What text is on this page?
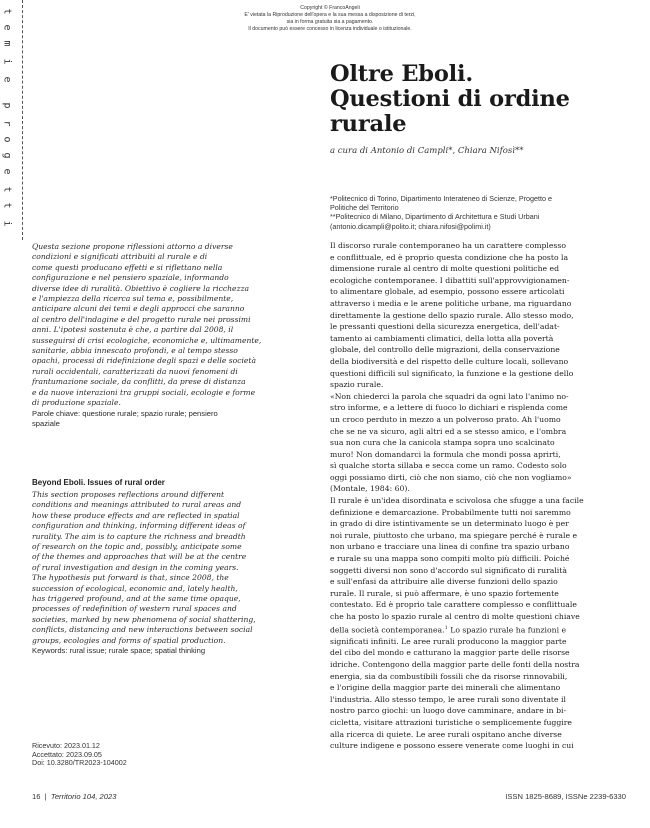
Copyright © FrancoAngeli
E' vietata la Riproduzione dell'opera e la sua messa a disposizione di terzi,
sia in forma gratuita sia a pagamento.
Il documento può essere concesso in licenza individuale o istituzionale.
t
e
m
i
e
p
r
o
g
e
t
t
i
Oltre Eboli.
Questioni di ordine
rurale
a cura di Antonio di Campli*, Chiara Nifosì**
*Politecnico di Torino, Dipartimento Interateneo di Scienze, Progetto e
Politiche del Territorio
**Politecnico di Milano, Dipartimento di Architettura e Studi Urbani
(antonio.dicampli@polito.it; chiara.nifosi@polimi.it)
Questa sezione propone riflessioni attorno a diverse
condizioni e significati attribuiti al rurale e di
come questi producano effetti e si riflettano nella
configurazione e nel pensiero spaziale, informando
diverse idee di ruralità. Obiettivo è cogliere la ricchezza
e l'ampiezza della ricerca sul tema e, possibilmente,
anticipare alcuni dei temi e degli approcci che saranno
al centro dell'indagine e del progetto rurale nei prossimi
anni. L'ipotesi sostenuta è che, a partire dal 2008, il
susseguirsi di crisi ecologiche, economiche e, ultimamente,
sanitarie, abbia innescato profondi, e al tempo stesso
opachi, processi di ridefinizione degli spazi e delle società
rurali occidentali, caratterizzati da nuovi fenomeni di
frantumazione sociale, da conflitti, da prese di distanza
e da nuove interazioni tra gruppi sociali, ecologie e forme
di produzione spaziale.
Parole chiave: questione rurale; spazio rurale; pensiero
spaziale
Beyond Eboli. Issues of rural order
This section proposes reflections around different
conditions and meanings attributed to rural areas and
how these produce effects and are reflected in spatial
configuration and thinking, informing different ideas of
rurality. The aim is to capture the richness and breadth
of research on the topic and, possibly, anticipate some
of the themes and approaches that will be at the centre
of rural investigation and design in the coming years.
The hypothesis put forward is that, since 2008, the
succession of ecological, economic and, lately health,
has triggered profound, and at the same time opaque,
processes of redefinition of western rural spaces and
societies, marked by new phenomena of social shattering,
conflicts, distancing and new interactions between social
groups, ecologies and forms of spatial production.
Keywords: rural issue; rurale space; spatial thinking
Ricevuto: 2023.01.12
Accettato: 2023.09.05
Doi: 10.3280/TR2023-104002
Il discorso rurale contemporaneo ha un carattere complesso
e conflittuale, ed è proprio questa condizione che ha posto la
dimensione rurale al centro di molte questioni politiche ed
ecologiche contemporanee. I dibattiti sull'approvvigionamen-
to alimentare globale, ad esempio, possono essere articolati
attraverso i media e le arene politiche urbane, ma riguardano
direttamente la gestione dello spazio rurale. Allo stesso modo,
le pressanti questioni della sicurezza energetica, dell'adat-
tamento ai cambiamenti climatici, della lotta alla povertà
globale, del controllo delle migrazioni, della conservazione
della biodiversità e del rispetto delle culture locali, sollevano
questioni difficili sul significato, la funzione e la gestione dello
spazio rurale.
«Non chiederci la parola che squadri da ogni lato l'animo no-
stro informe, e a lettere di fuoco lo dichiari e risplenda come
un croco perduto in mezzo a un polveroso prato. Ah l'uomo
che se ne va sicuro, agli altri ed a se stesso amico, e l'ombra
sua non cura che la canicola stampa sopra uno scalcinato
muro! Non domandarci la formula che mondi possa aprirti,
sì qualche storta sillaba e secca come un ramo. Codesto solo
oggi possiamo dirti, ciò che non siamo, ciò che non vogliamo»
(Montale, 1984: 60).
Il rurale è un'idea disordinata e scivolosa che sfugge a una facile
definizione e demarcazione. Probabilmente tutti noi saremmo
in grado di dire istintivamente se un determinato luogo è per
noi rurale, piuttosto che urbano, ma spiegare perché è rurale e
non urbano e tracciare una linea di confine tra spazio urbano
e rurale su una mappa sono compiti molto più difficili. Poiché
soggetti diversi non sono d'accordo sul significato di ruralità
e sull'enfasi da attribuire alle diverse funzioni dello spazio
rurale. Il rurale, si può affermare, è uno spazio fortemente
contestato. Ed è proprio tale carattere complesso e conflittuale
che ha posto lo spazio rurale al centro di molte questioni chiave
della società contemporanea.$^1$ Lo spazio rurale ha funzioni e
significati infiniti. Le aree rurali producono la maggior parte
del cibo del mondo e catturano la maggior parte delle risorse
idriche. Contengono della maggior parte delle fonti della nostra
energia, sia da combustibili fossili che da risorse rinnovabili,
e l'origine della maggior parte dei minerali che alimentano
l'industria. Allo stesso tempo, le aree rurali sono diventate il
nostro parco giochi: un luogo dove camminare, andare in bi-
cicletta, visitare attrazioni turistiche o semplicemente fuggire
alla ricerca di quiete. Le aree rurali ospitano anche diverse
culture indigene e possono essere venerate come luoghi in cui
16  |  Territorio 104, 2023	ISSN 1825-8689, ISSNe 2239-6330
